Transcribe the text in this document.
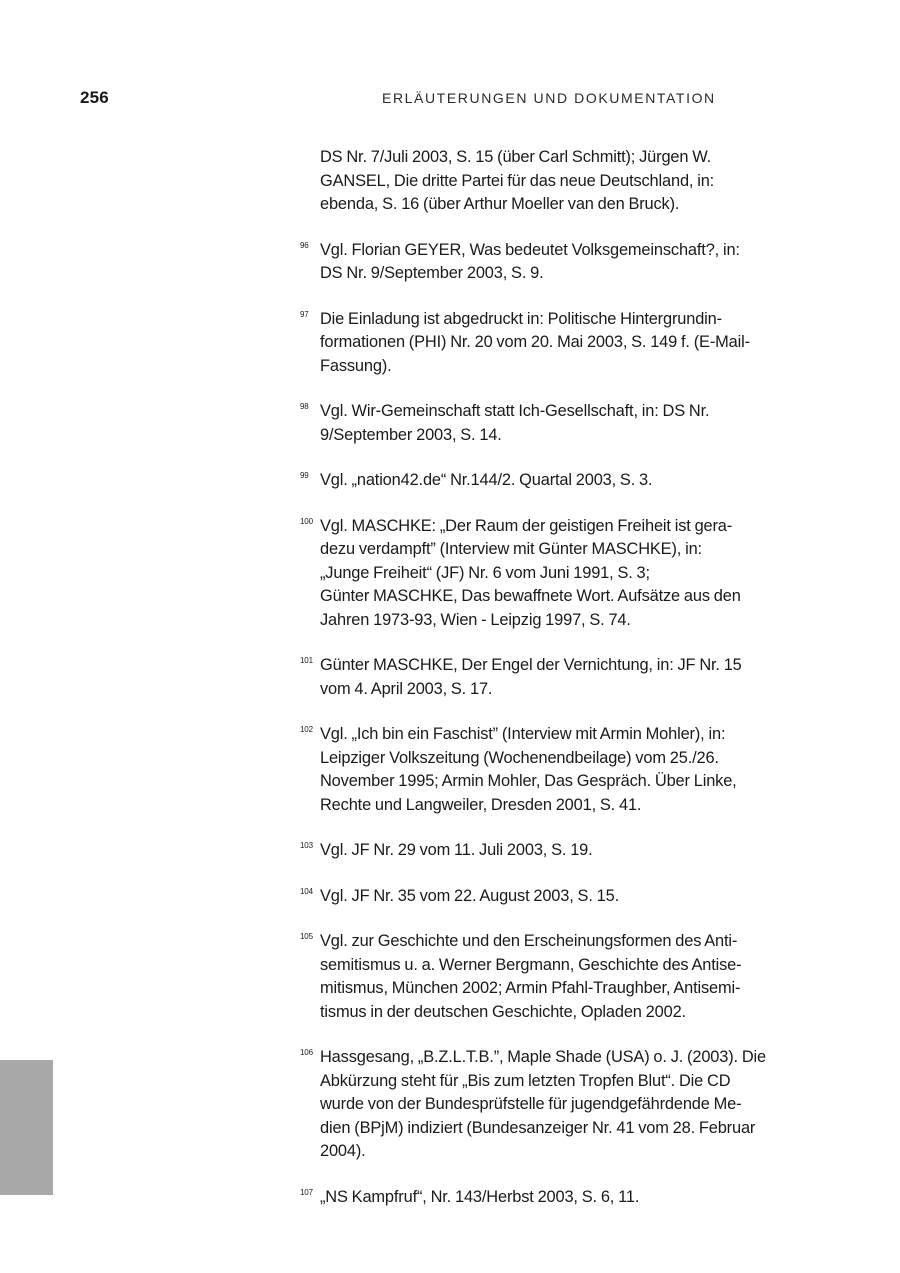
256	ERLÄUTERUNGEN UND DOKUMENTATION
DS Nr. 7/Juli 2003, S. 15 (über Carl Schmitt); Jürgen W.
GANSEL, Die dritte Partei für das neue Deutschland, in:
ebenda, S. 16 (über Arthur Moeller van den Bruck).
96 Vgl. Florian GEYER, Was bedeutet Volksgemeinschaft?, in:
DS Nr. 9/September 2003, S. 9.
97 Die Einladung ist abgedruckt in: Politische Hintergrundin-
formationen (PHI) Nr. 20 vom 20. Mai 2003, S. 149 f. (E-Mail-
Fassung).
98 Vgl. Wir-Gemeinschaft statt Ich-Gesellschaft, in: DS Nr.
9/September 2003, S. 14.
99 Vgl. „nation42.de“ Nr.144/2. Quartal 2003, S. 3.
100 Vgl. MASCHKE: „Der Raum der geistigen Freiheit ist gera-
dezu verdampft” (Interview mit Günter MASCHKE), in:
„Junge Freiheit“ (JF) Nr. 6 vom Juni 1991, S. 3;
Günter MASCHKE, Das bewaffnete Wort. Aufsätze aus den
Jahren 1973-93, Wien - Leipzig 1997, S. 74.
101 Günter MASCHKE, Der Engel der Vernichtung, in: JF Nr. 15
vom 4. April 2003, S. 17.
102 Vgl. „Ich bin ein Faschist” (Interview mit Armin Mohler), in:
Leipziger Volkszeitung (Wochenendbeilage) vom 25./26.
November 1995; Armin Mohler, Das Gespräch. Über Linke,
Rechte und Langweiler, Dresden 2001, S. 41.
103 Vgl. JF Nr. 29 vom 11. Juli 2003, S. 19.
104 Vgl. JF Nr. 35 vom 22. August 2003, S. 15.
105 Vgl. zur Geschichte und den Erscheinungsformen des Anti-
semitismus u. a. Werner Bergmann, Geschichte des Antise-
mitismus, München 2002; Armin Pfahl-Traughber, Antisemi-
tismus in der deutschen Geschichte, Opladen 2002.
106 Hassgesang, „B.Z.L.T.B.”, Maple Shade (USA) o. J. (2003). Die
Abkürzung steht für „Bis zum letzten Tropfen Blut“. Die CD
wurde von der Bundesprüfstelle für jugendgefährdende Me-
dien (BPjM) indiziert (Bundesanzeiger Nr. 41 vom 28. Februar
2004).
107 „NS Kampfruf“, Nr. 143/Herbst 2003, S. 6, 11.
